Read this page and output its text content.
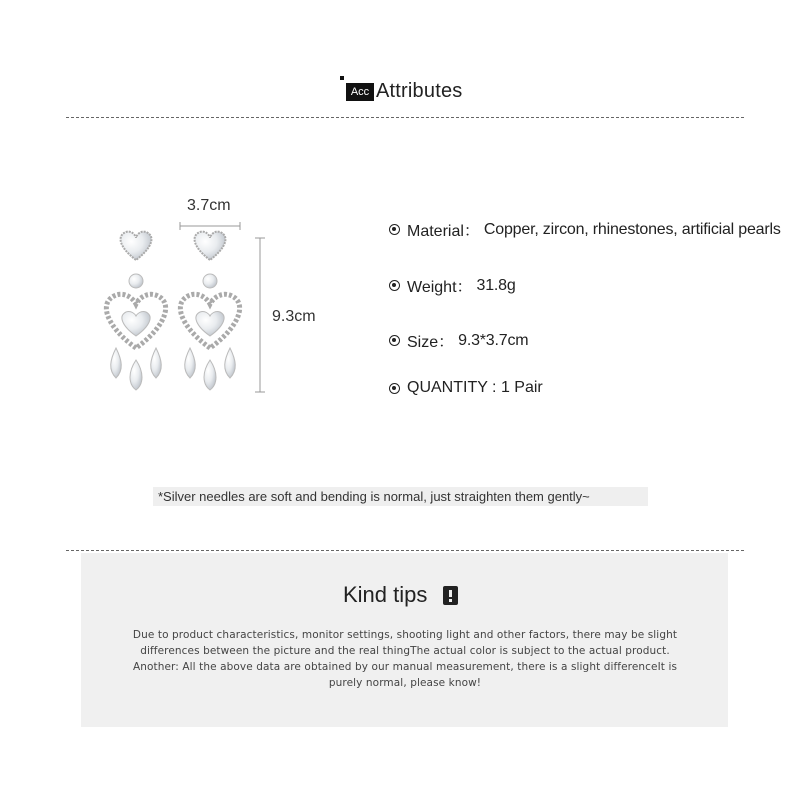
Acc Attributes
3.7cm
9.3cm
Material： Copper, zircon, rhinestones, artificial pearls
Weight： 31.8g
Size： 9.3*3.7cm
QUANTITY : 1 Pair
*Silver needles are soft and bending is normal, just straighten them gently~
Kind tips
Due to product characteristics, monitor settings, shooting light and other factors, there may be slight differences between the picture and the real thingThe actual color is subject to the actual product. Another: All the above data are obtained by our manual measurement, there is a slight differenceIt is purely normal, please know!
